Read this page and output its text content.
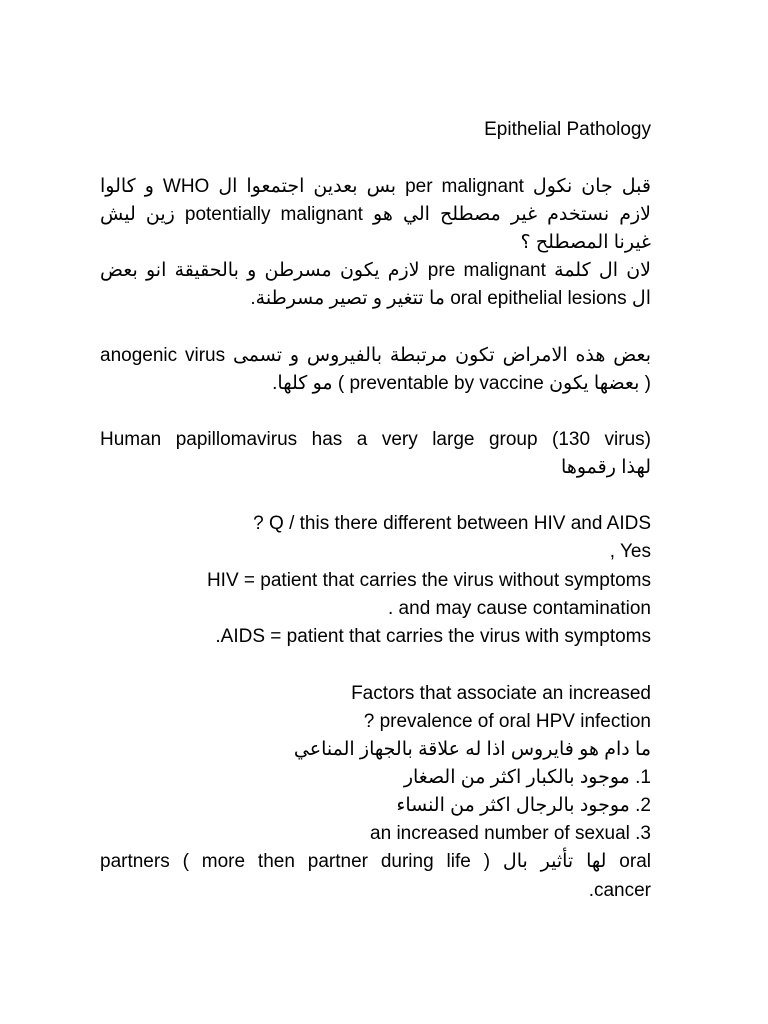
Epithelial Pathology
قبل جان نكول per malignant بس بعدين اجتمعوا ال WHO و كالوا
لازم نستخدم غير مصطلح الي هو potentially malignant زين ليش
غيرنا المصطلح ؟
لان ال كلمة pre malignant لازم يكون مسرطن و بالحقيقة انو بعض
ال oral epithelial lesions ما تتغير و تصير مسرطنة.
بعض هذه الامراض تكون مرتبطة بالفيروس و تسمى anogenic virus
( بعضها يكون preventable by vaccine ) مو كلها.
Human papillomavirus has a very large group (130 virus)
لهذا رقموها
? Q / this there different between HIV and AIDS
, Yes
HIV = patient that carries the virus without symptoms
. and may cause contamination
.AIDS = patient that carries the virus with symptoms
Factors that associate an increased
? prevalence of oral HPV infection
ما دام هو فايروس اذا له علاقة بالجهاز المناعي
1. موجود بالكبار اكثر من الصغار
2. موجود بالرجال اكثر من النساء
an increased number of sexual .3
partners ( more then partner during life ) لها تأثير بال oral
.cancer
